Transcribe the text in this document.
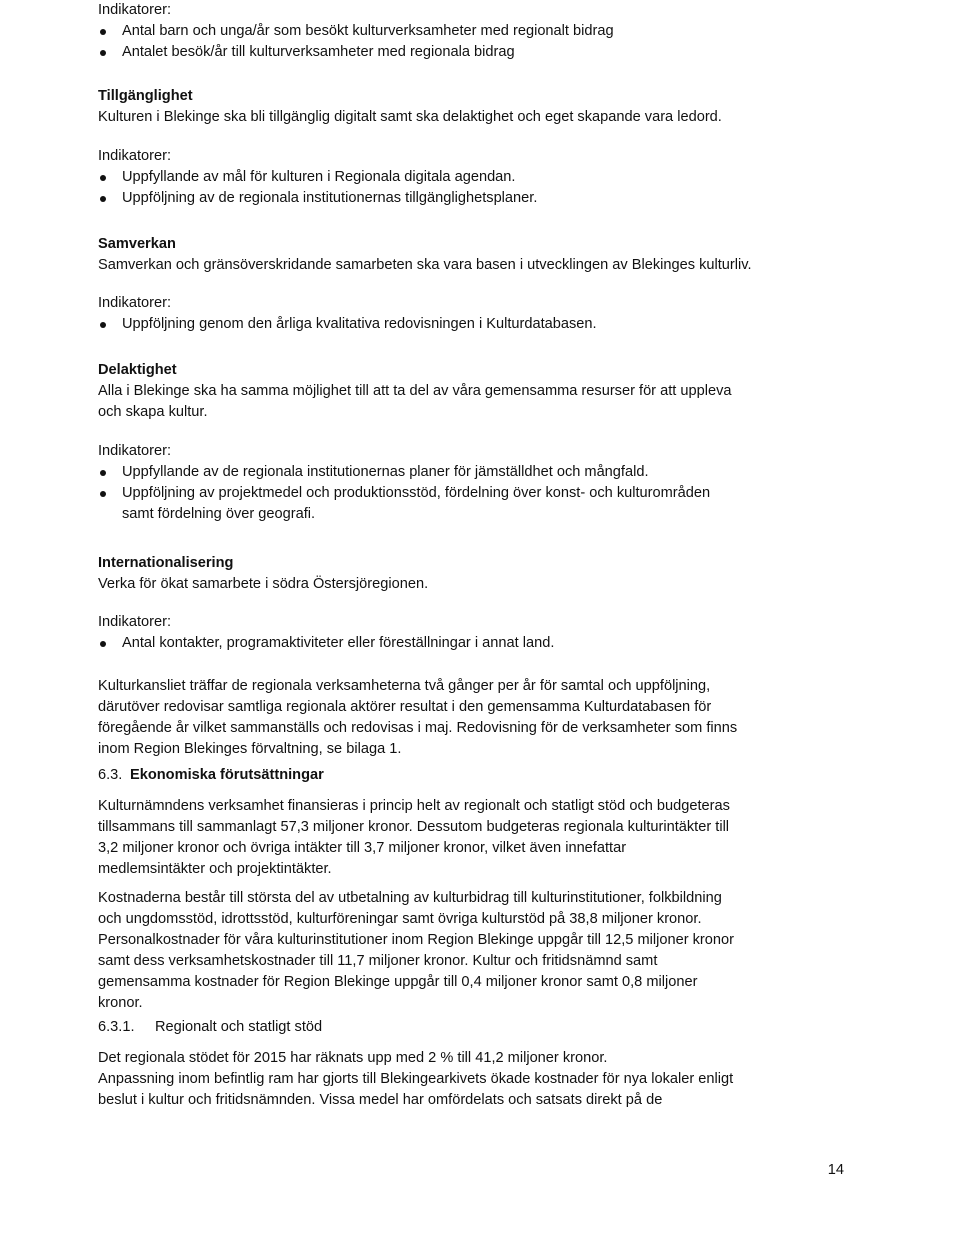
Indikatorer:
Antal barn och unga/år som besökt kulturverksamheter med regionalt bidrag
Antalet besök/år till kulturverksamheter med regionala bidrag
Tillgänglighet
Kulturen i Blekinge ska bli tillgänglig digitalt samt ska delaktighet och eget skapande vara ledord.
Indikatorer:
Uppfyllande av mål för kulturen i Regionala digitala agendan.
Uppföljning av de regionala institutionernas tillgänglighetsplaner.
Samverkan
Samverkan och gränsöverskridande samarbeten ska vara basen i utvecklingen av Blekinges kulturliv.
Indikatorer:
Uppföljning genom den årliga kvalitativa redovisningen i Kulturdatabasen.
Delaktighet
Alla i Blekinge ska ha samma möjlighet till att ta del av våra gemensamma resurser för att uppleva
och skapa kultur.
Indikatorer:
Uppfyllande av de regionala institutionernas planer för jämställdhet och mångfald.
Uppföljning av projektmedel och produktionsstöd, fördelning över konst- och kulturområden
samt fördelning över geografi.
Internationalisering
Verka för ökat samarbete i södra Östersjöregionen.
Indikatorer:
Antal kontakter, programaktiviteter eller föreställningar i annat land.
Kulturkansliet träffar de regionala verksamheterna två gånger per år för samtal och uppföljning,
därutöver redovisar samtliga regionala aktörer resultat i den gemensamma Kulturdatabasen för
föregående år vilket sammanställs och redovisas i maj. Redovisning för de verksamheter som finns
inom Region Blekinges förvaltning, se bilaga 1.
6.3. Ekonomiska förutsättningar
Kulturnämndens verksamhet finansieras i princip helt av regionalt och statligt stöd och budgeteras
tillsammans till sammanlagt 57,3 miljoner kronor. Dessutom budgeteras regionala kulturintäkter till
3,2 miljoner kronor och övriga intäkter till 3,7 miljoner kronor, vilket även innefattar
medlemsintäkter och projektintäkter.
Kostnaderna består till största del av utbetalning av kulturbidrag till kulturinstitutioner, folkbildning
och ungdomsstöd, idrottsstöd, kulturföreningar samt övriga kulturstöd på 38,8 miljoner kronor.
Personalkostnader för våra kulturinstitutioner inom Region Blekinge uppgår till 12,5 miljoner kronor
samt dess verksamhetskostnader till 11,7 miljoner kronor. Kultur och fritidsnämnd samt
gemensamma kostnader för Region Blekinge uppgår till 0,4 miljoner kronor samt 0,8 miljoner
kronor.
6.3.1. Regionalt och statligt stöd
Det regionala stödet för 2015 har räknats upp med 2 % till 41,2 miljoner kronor.
Anpassning inom befintlig ram har gjorts till Blekingearkivets ökade kostnader för nya lokaler enligt
beslut i kultur och fritidsnämnden. Vissa medel har omfördelats och satsats direkt på de
14
